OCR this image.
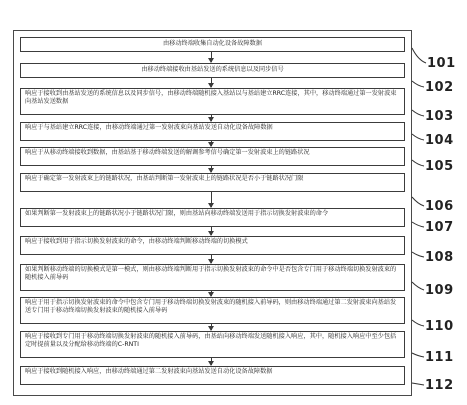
由移动终端收集自动化设备故障数据
由移动终端接收由基站发送的系统信息以及同步信号
响应于接收到由基站发送的系统信息以及同步信号，由移动终端随机接入基站以与基站建立RRC连接，其中，移动终端通过第一发射波束向基站发送数据
响应于与基站建立RRC连接，由移动终端通过第一发射波束向基站发送自动化设备故障数据
响应于从移动终端接收到数据，由基站基于移动终端发送的解调参考信号确定第一发射波束上的链路状况
响应于确定第一发射波束上的链路状况，由基站判断第一发射波束上的链路状况是否小于链路状况门限
如果判断第一发射波束上的链路状况小于链路状况门限，则由基站向移动终端发送用于指示切换发射波束的命令
响应于接收到用于指示切换发射波束的命令，由移动终端判断移动终端的切换模式
如果判断移动终端的切换模式是第一模式，则由移动终端判断用于指示切换发射波束的命令中是否包含专门用于移动终端切换发射波束的随机接入前导码
响应于用于指示切换发射波束的命令中包含专门用于移动终端切换发射波束的随机接入前导码，则由移动终端通过第二发射波束向基站发送专门用于移动终端切换发射波束的随机接入前导码
响应于接收到专门用于移动终端切换发射波束的随机接入前导码，由基站向移动终端发送随机接入响应，其中，随机接入响应中至少包括定时提前量以及分配给移动终端的C-RNTI
响应于接收到随机接入响应，由移动终端通过第二发射波束向基站发送自动化设备故障数据
101
102
103
104
105
106
107
108
109
110
111
112
